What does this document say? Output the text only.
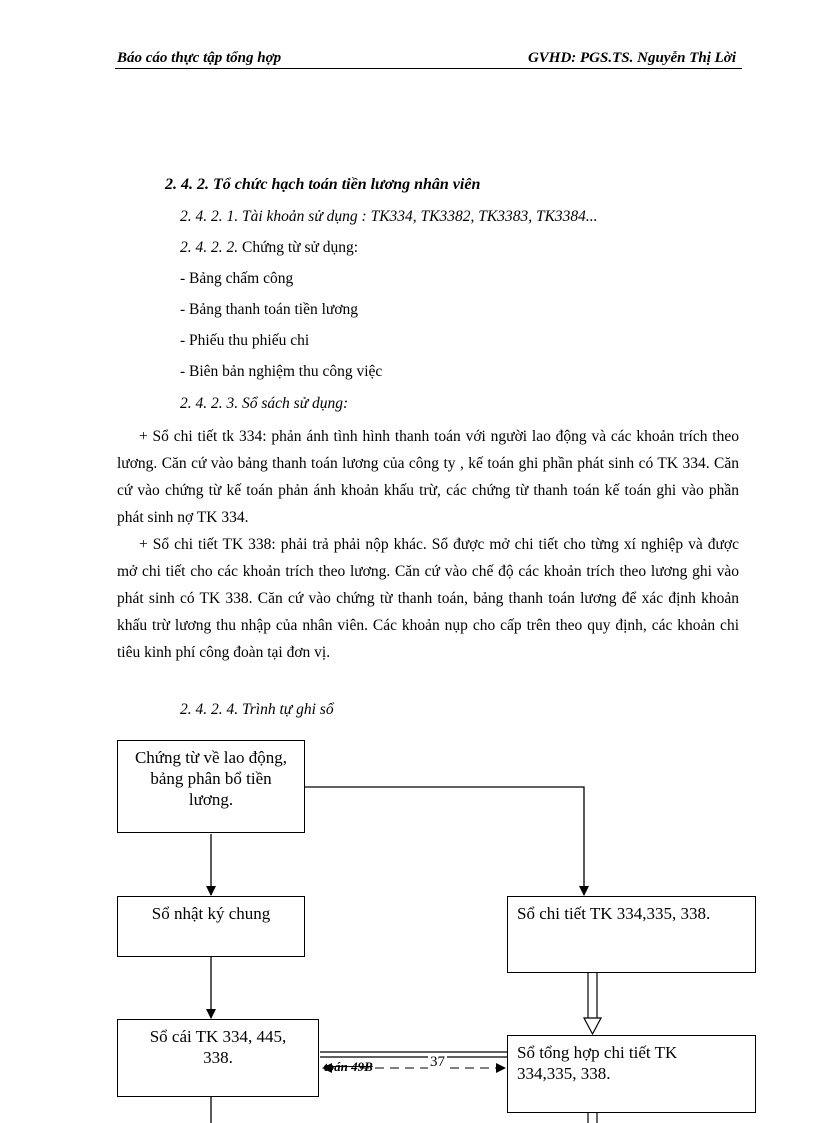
Báo cáo thực tập tổng hợp	GVHD: PGS.TS. Nguyễn Thị Lời
2. 4. 2. Tổ chức hạch toán tiền lương nhân viên
2. 4. 2. 1. Tài khoản sử dụng : TK334, TK3382, TK3383, TK3384...
2. 4. 2. 2. Chứng từ sử dụng:
- Bảng chấm công
- Bảng thanh toán tiền lương
- Phiếu thu phiếu chi
- Biên bản nghiệm thu công việc
2. 4. 2. 3. Sổ sách sử dụng:
+ Sổ chi tiết tk 334: phản ánh tình hình thanh toán với người lao động và các khoản trích theo lương. Căn cứ vào bảng thanh toán lương của công ty , kế toán ghi phần phát sinh có TK 334. Căn cứ vào chứng từ kế toán phản ánh khoản khấu trừ, các chứng từ thanh toán kế toán ghi vào phần phát sinh nợ TK 334.
+ Sổ chi tiết TK 338: phải trả phải nộp khác. Sổ được mở chi tiết cho từng xí nghiệp và được mở chi tiết cho các khoản trích theo lương. Căn cứ vào chế độ các khoản trích theo lương ghi vào phát sinh có TK 338. Căn cứ vào chứng từ thanh toán, bảng thanh toán lương để xác định khoản khấu trừ lương thu nhập của nhân viên. Các khoản nụp cho cấp trên theo quy định, các khoản chi tiêu kinh phí công đoàn tại đơn vị.
2. 4. 2. 4. Trình tự ghi sổ
Chứng từ về lao động,
bảng phân bổ tiền
lương.
Sổ nhật ký chung	Sổ chi tiết TK 334,335, 338.
Sổ cái TK 334, 445,
338.	Sổ tổng hợp chi tiết TK
334,335, 338.
toán 49B	37
